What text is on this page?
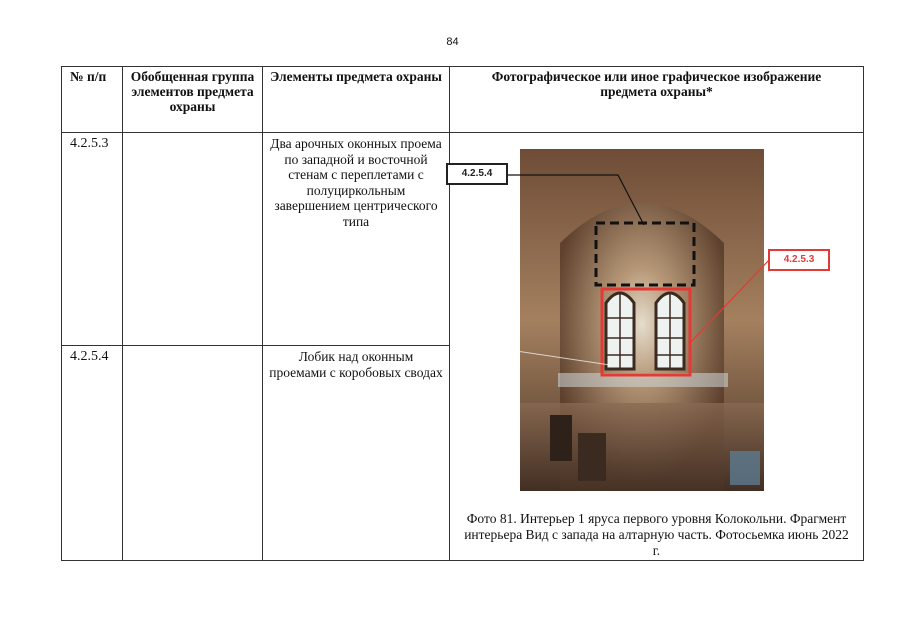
84
№ п/п	Обобщенная группа элементов предмета охраны	Элементы предмета охраны	Фотографическое или иное графическое изображение предмета охраны*
4.2.5.3		Два арочных оконных проема по западной и восточной стенам с переплетами с полуциркольным завершением центрического типа	4.2.5.4
4.2.5.3
Фото 81. Интерьер 1 яруса первого уровня Колокольни. Фрагмент интерьера Вид с запада на алтарную часть. Фотосьемка июнь 2022 г.

4.2.5.4		Лобик над оконным проемами с коробовых сводах	
